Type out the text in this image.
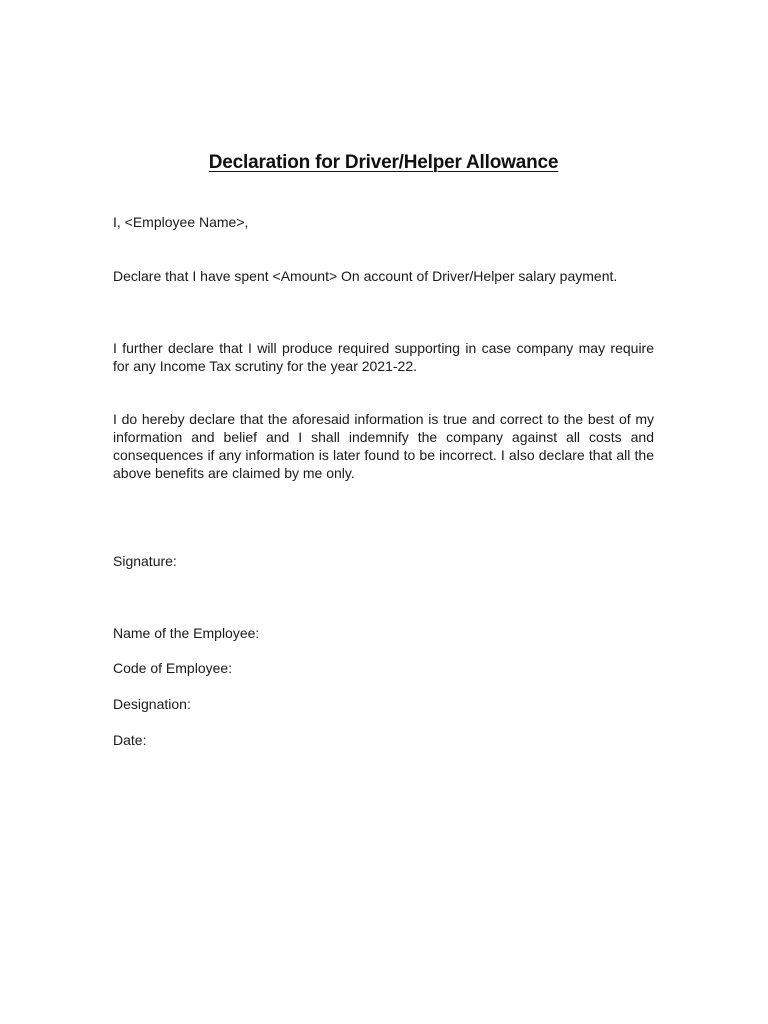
Declaration for Driver/Helper Allowance

I, <Employee Name>,

Declare that I have spent <Amount> On account of Driver/Helper salary payment.

I further declare that I will produce required supporting in case company may require for any Income Tax scrutiny for the year 2021-22.

I do hereby declare that the aforesaid information is true and correct to the best of my information and belief and I shall indemnify the company against all costs and consequences if any information is later found to be incorrect. I also declare that all the above benefits are claimed by me only.

Signature:

Name of the Employee:

Code of Employee:

Designation:

Date:
